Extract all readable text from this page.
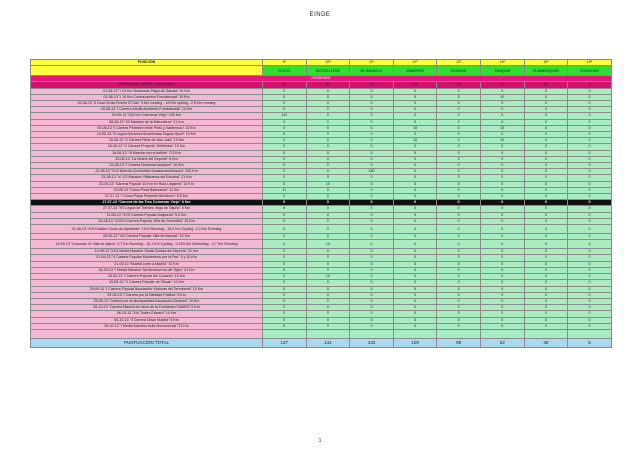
EINDE
POSICIÓN	9º	10º	11º	12º	13º	14º	15º	16º
	CUCO	BOTELLITAS	EL ABUELO	VAMPIRO	GOIRAS	TANQUE	FLAMENQUIN	OXIGENO
ORIGENES								
CARRERAS ENERO - MAYO 2013	10	64	53	64	56	17	60	0
01-06-13 "I 10 Km Nocturnos Playa de Gandia" 10 Km	0	0	0	0	0	0	0	0
01-06-13 "I 10 Km Contracarrera Fuenlabrada" 10 Km	0	0	0	0	0	10	0	0
02-06-13 "II Dual Cross Fuente El Saz" 5 Km running - 16 Km cycling - 2,5 Km running	0	0	0	0	0	0	0	0
09-06-13 "I Carrera Media Ambiente Fuenlabrada" 10 Km	0	0	0	0	0	0	0	0
09-06-13 "100 Km Colmenar Viejo" 100 Km	112	0	0	0	0	0	0	0
08-06-13 "I/2 Maratón de la Naturaleza" 21 Km	0	0	0	0	0	0	0	0
09-06-13 "I Carrera Pedestre entre Pinto y Valdemoro" 15 Km	0	0	0	15	0	15	0	0
14-06-13 "II Legua Nocturna Alcobendas Zagros Sport" 10 Km	0	0	0	0	0	0	0	0
16-06-13 "V Carrera Pinar de San José" 10 Km	0	0	0	10	0	10	0	0
16-06-13 "V Carrera Proyecto Telefónica" 10 Km	0	0	0	0	0	0	0	0
16-06-13 "III Marcha con el estirón" 2,5 Km	0	0	0	0	0	0	0	0
20-06-13 "La Noche del Deporte" 8 Km	0	0	0	0	2	0	0	0
22-06-13 "I Carrera Nocturna Aranjuez" 10 Km	0	0	0	0	0	0	0	0
22-06-13 "XXII Marcha Cicloturista Guadarrameñossos" 200 Km	0	0	180	0	0	0	0	0
23-06-13 "XI 1/2 Maraton Villafranca del Escorial" 21 Km	0	0	0	0	0	0	0	0
23-06-13 "Carrera Popular 10 Km en Ruta Leganés" 10 Km	0	10	0	0	0	0	0	0
29-06-13 "Cross Pinar Balnearios" 11 Km	11	0	0	0	0	0	0	0
27-07-13 "I Cross Playa Poniente Benidorm" 5,8 Km	0	0	0	0	0	0	0	0
27-07-13 "Carrera de las Tres Colmenar Viejo" 8 Km	0	0	0	0	0	0	0	0
27-07-13 "XV Legua de Tielmes Vega de Tajuña" 5 Km	5	0	0	0	0	0	0	0
11-08-13 "XXX Carrera Popular Alalpardo" 5,5 Km	0	0	0	0	0	0	0	0
25-08-13 "XXXVI Carrera Popular Villa de Cercedilla" 15 Km	0	0	0	0	0	0	0	0
31-08-13 "XXI Duatlon Cross de Alpedrete" 4 Km Running - 16,2 Km Cycling -2,3 Km Running	0	0	0	0	0	0	0	0
08-09-13 "VIII Carrera Popular Villa de Illescas" 10 Km	0	0	0	0	0	0	0	0
14-09-13 "Duroman 4x Villa de Ajalvir" 4,7 Km Running - 16,1 Km Cycling - 0,150 Km Swimming - 4,7 Km Running	0	10	0	0	0	0	0	0
14-09-13 "XXX Media Maraton Santa Ciudad del Deporte" 21 Km	0	0	0	0	0	0	0	0
21-09-13 "V Carrera Popular Movimiento por la Paz" 5 y 10 Km	0	0	0	0	0	0	0	0
21-09-13 "Madrid corre a Madrid" 10 Km	0	0	0	0	0	0	0	0
28-09-13 "I Media Maraton Semimonturma del Tajeo" 21 Km	0	0	0	0	0	0	0	0
28-09-13 "I Carrera Popular del Corazón" 10 Km	0	10	0	0	0	0	0	0
29-09-13 "V Carrera Popular de Tetuán" 10 Km	0	0	0	0	0	0	0	0
29-09-13 "I Carrera Popular Asociación Víctimas del Terrorismo" 10 Km	0	0	0	0	0	0	0	0
29-09-13 "I Carrera por la Sanidad Pública" 5 Km	0	0	0	0	0	0	0	0
29-09-13 "Carrera por la discapacidad Asociación Dedines" 10 Km	0	0	0	0	0	0	0	0
05-10-13 "Carrera Marcha en favor de la Fundación FAMEN" 5 Km	0	0	0	0	0	0	0	0
06-10-13 "XVI Trofeo Edward" 10 Km	0	0	0	0	0	0	0	0
06-10-13 "II Carrera Down Madrid" 6 Km	0	0	0	0	0	0	0	0
06-10-13 "I Media Maraton Avila Monumental" 21 Km	0	0	0	0	0	0	0	0

PUNTUACIÓN TOTAL	147	144	133	109	98	52	46	5
1
